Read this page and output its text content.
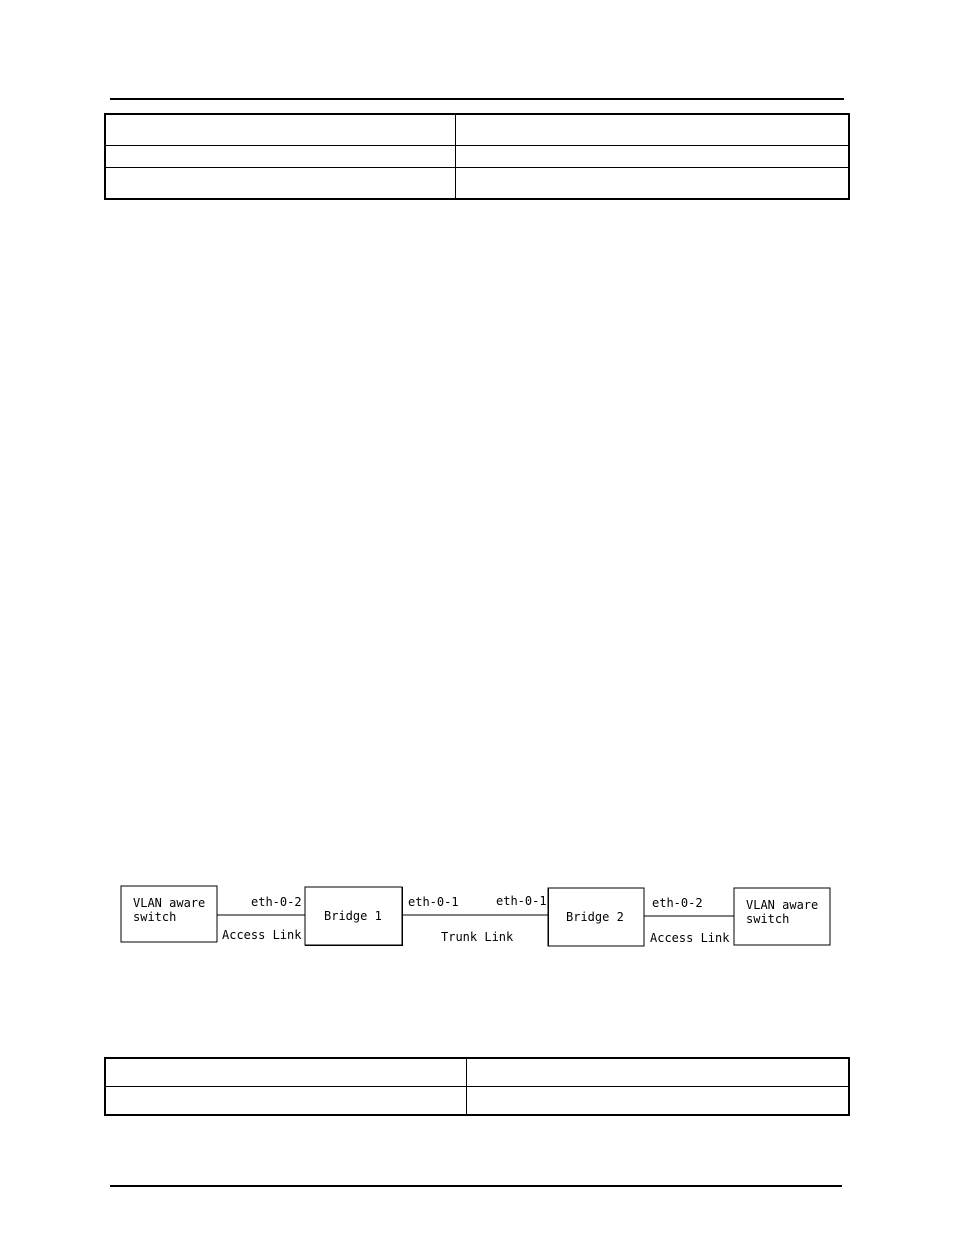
VLAN aware
switch
eth-0-2
Access Link
Bridge 1
eth-0-1	eth-0-1
Trunk Link
Bridge 2
eth-0-2
Access Link
VLAN aware
switch
